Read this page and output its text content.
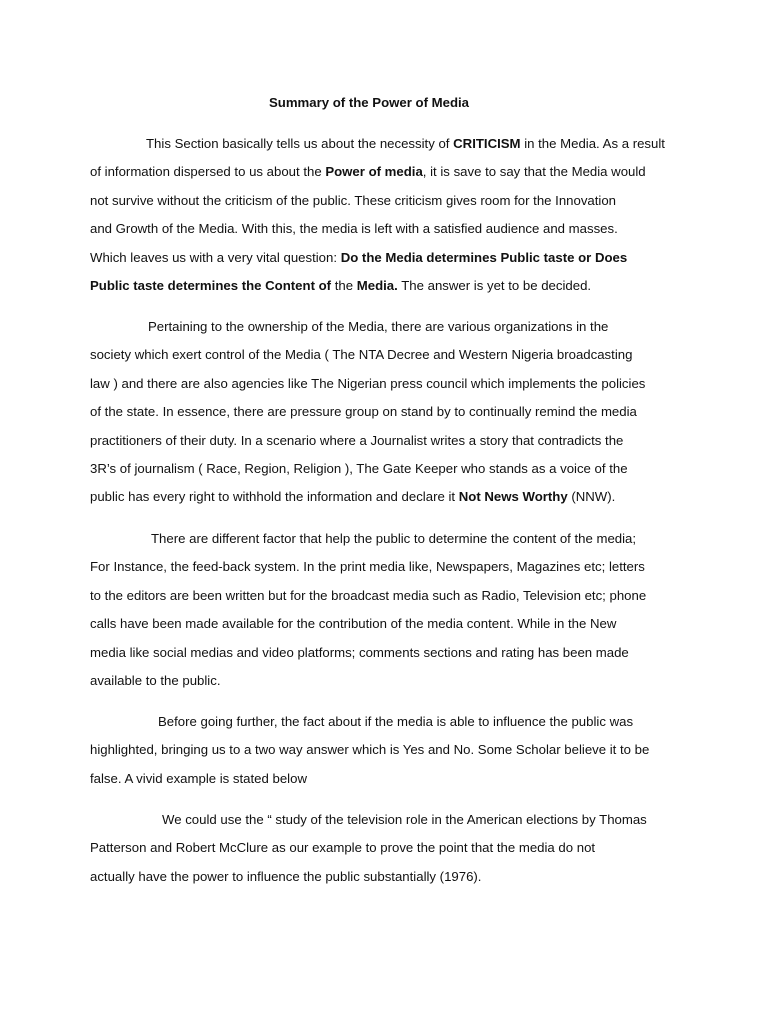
Summary of the Power of Media
This Section basically tells us about the necessity of CRITICISM in the Media. As a result
of information dispersed to us about the Power of media, it is save to say that the Media would
not survive without the criticism of the public. These criticism gives room for the Innovation
and Growth of the Media. With this, the media is left with a satisfied audience and masses.
Which leaves us with a very vital question: Do the Media determines Public taste or Does
Public taste determines the Content of the Media. The answer is yet to be decided.
Pertaining to the ownership of the Media, there are various organizations in the
society which exert control of the Media ( The NTA Decree and Western Nigeria broadcasting
law ) and there are also agencies like The Nigerian press council which implements the policies
of the state. In essence, there are pressure group on stand by to continually remind the media
practitioners of their duty. In a scenario where a Journalist writes a story that contradicts the
3R’s of journalism ( Race, Region, Religion ), The Gate Keeper who stands as a voice of the
public has every right to withhold the information and declare it Not News Worthy (NNW).
There are different factor that help the public to determine the content of the media;
For Instance, the feed-back system. In the print media like, Newspapers, Magazines etc; letters
to the editors are been written but for the broadcast media such as Radio, Television etc; phone
calls have been made available for the contribution of the media content. While in the New
media like social medias and video platforms; comments sections and rating has been made
available to the public.
Before going further, the fact about if the media is able to influence the public was
highlighted, bringing us to a two way answer which is Yes and No. Some Scholar believe it to be
false. A vivid example is stated below
We could use the “ study of the television role in the American elections by Thomas
Patterson and Robert McClure as our example to prove the point that the media do not
actually have the power to influence the public substantially (1976).
